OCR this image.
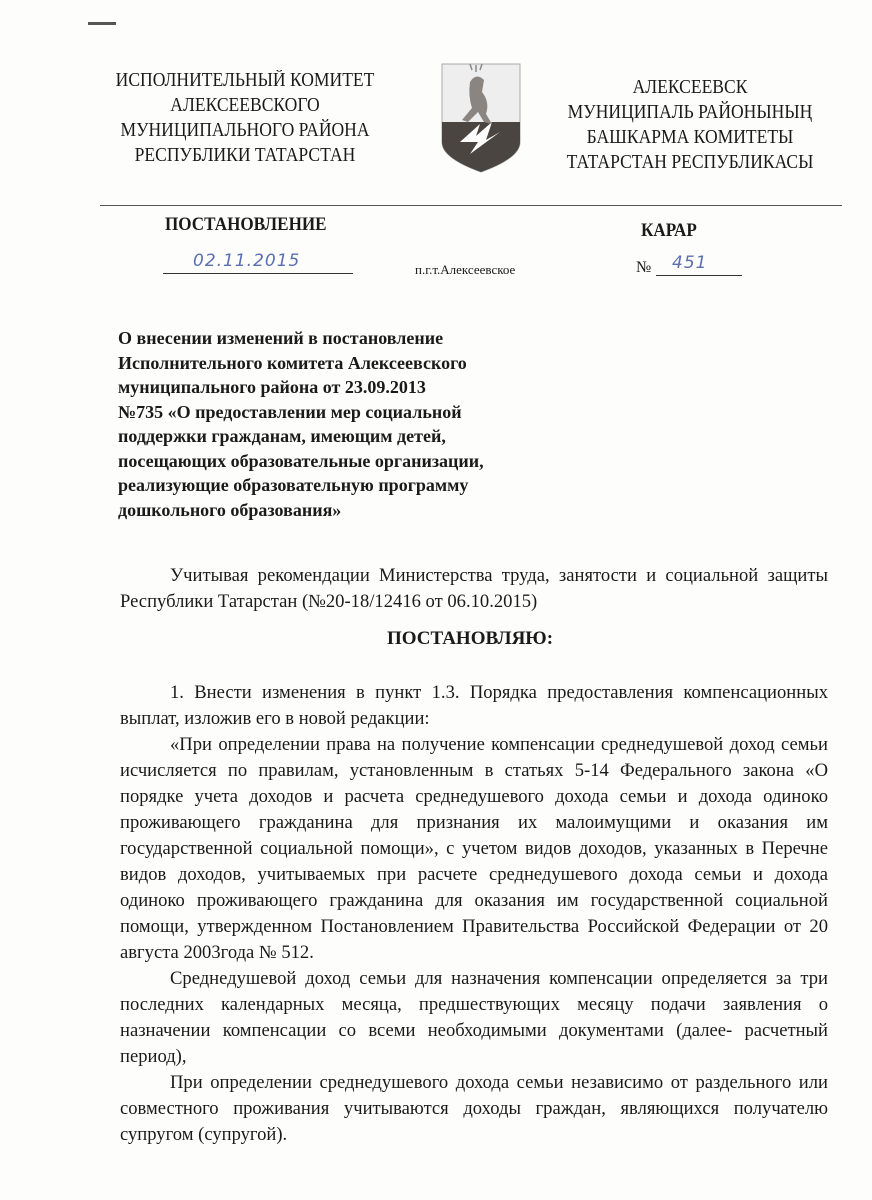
ИСПОЛНИТЕЛЬНЫЙ КОМИТЕТ
АЛЕКСЕЕВСКОГО
МУНИЦИПАЛЬНОГО РАЙОНА
РЕСПУБЛИКИ ТАТАРСТАН
АЛЕКСЕЕВСК
МУНИЦИПАЛЬ РАЙОНЫНЫҢ
БАШКАРМА КОМИТЕТЫ
ТАТАРСТАН РЕСПУБЛИКАСЫ
ПОСТАНОВЛЕНИЕ	КАРАР
02.11.2015	п.г.т.Алексеевское	№ 451
О внесении изменений в постановление
Исполнительного комитета Алексеевского
муниципального района от 23.09.2013
№735 «О предоставлении мер социальной
поддержки гражданам, имеющим детей,
посещающих образовательные организации,
реализующие образовательную программу
дошкольного образования»

Учитывая рекомендации Министерства труда, занятости и социальной защиты Республики Татарстан (№20-18/12416 от 06.10.2015)

ПОСТАНОВЛЯЮ:

1. Внести изменения в пункт 1.3. Порядка предоставления компенсационных выплат, изложив его в новой редакции:

«При определении права на получение компенсации среднедушевой доход семьи исчисляется по правилам, установленным в статьях 5-14 Федерального закона «О порядке учета доходов и расчета среднедушевого дохода семьи и дохода одиноко проживающего гражданина для признания их малоимущими и оказания им государственной социальной помощи», с учетом видов доходов, указанных в Перечне видов доходов, учитываемых при расчете среднедушевого дохода семьи и дохода одиноко проживающего гражданина для оказания им государственной социальной помощи, утвержденном Постановлением Правительства Российской Федерации от 20 августа 2003года № 512.

Среднедушевой доход семьи для назначения компенсации определяется за три последних календарных месяца, предшествующих месяцу подачи заявления о назначении компенсации со всеми необходимыми документами (далее- расчетный период),

При определении среднедушевого дохода семьи независимо от раздельного или совместного проживания учитываются доходы граждан, являющихся получателю супругом (супругой).
